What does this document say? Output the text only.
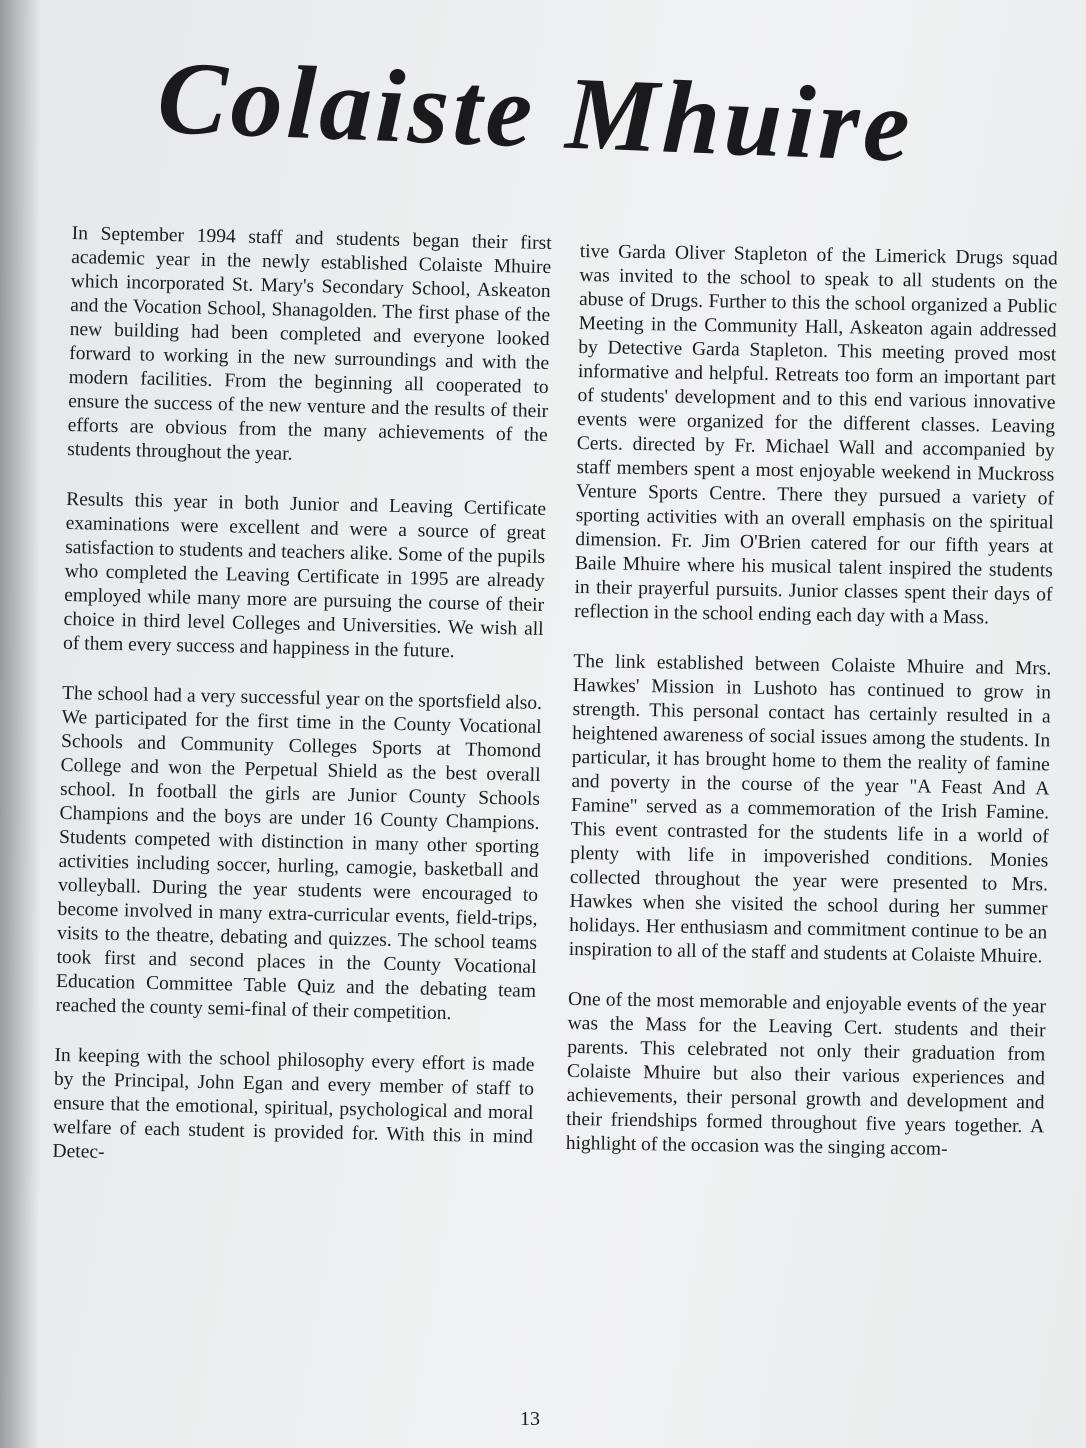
Colaiste Mhuire

In September 1994 staff and students began their first academic year in the newly established Colaiste Mhuire which incorporated St. Mary's Secondary School, Askeaton and the Vocation School, Shanagolden. The first phase of the new building had been completed and everyone looked forward to working in the new surroundings and with the modern facilities. From the beginning all cooperated to ensure the success of the new venture and the results of their efforts are obvious from the many achievements of the students throughout the year.

Results this year in both Junior and Leaving Certificate examinations were excellent and were a source of great satisfaction to students and teachers alike. Some of the pupils who completed the Leaving Certificate in 1995 are already employed while many more are pursuing the course of their choice in third level Colleges and Universities. We wish all of them every success and happiness in the future.

The school had a very successful year on the sportsfield also. We participated for the first time in the County Vocational Schools and Community Colleges Sports at Thomond College and won the Perpetual Shield as the best overall school. In football the girls are Junior County Schools Champions and the boys are under 16 County Champions. Students competed with distinction in many other sporting activities including soccer, hurling, camogie, basketball and volleyball. During the year students were encouraged to become involved in many extra-curricular events, field-trips, visits to the theatre, debating and quizzes. The school teams took first and second places in the County Vocational Education Committee Table Quiz and the debating team reached the county semi-final of their competition.

In keeping with the school philosophy every effort is made by the Principal, John Egan and every member of staff to ensure that the emotional, spiritual, psychological and moral welfare of each student is provided for. With this in mind Detec-

tive Garda Oliver Stapleton of the Limerick Drugs squad was invited to the school to speak to all students on the abuse of Drugs. Further to this the school organized a Public Meeting in the Community Hall, Askeaton again addressed by Detective Garda Stapleton. This meeting proved most informative and helpful. Retreats too form an important part of students' development and to this end various innovative events were organized for the different classes. Leaving Certs. directed by Fr. Michael Wall and accompanied by staff members spent a most enjoyable weekend in Muckross Venture Sports Centre. There they pursued a variety of sporting activities with an overall emphasis on the spiritual dimension. Fr. Jim O'Brien catered for our fifth years at Baile Mhuire where his musical talent inspired the students in their prayerful pursuits. Junior classes spent their days of reflection in the school ending each day with a Mass.

The link established between Colaiste Mhuire and Mrs. Hawkes' Mission in Lushoto has continued to grow in strength. This personal contact has certainly resulted in a heightened awareness of social issues among the students. In particular, it has brought home to them the reality of famine and poverty in the course of the year "A Feast And A Famine" served as a commemoration of the Irish Famine. This event contrasted for the students life in a world of plenty with life in impoverished conditions. Monies collected throughout the year were presented to Mrs. Hawkes when she visited the school during her summer holidays. Her enthusiasm and commitment continue to be an inspiration to all of the staff and students at Colaiste Mhuire.

One of the most memorable and enjoyable events of the year was the Mass for the Leaving Cert. students and their parents. This celebrated not only their graduation from Colaiste Mhuire but also their various experiences and achievements, their personal growth and development and their friendships formed throughout five years together. A highlight of the occasion was the singing accom-

13
